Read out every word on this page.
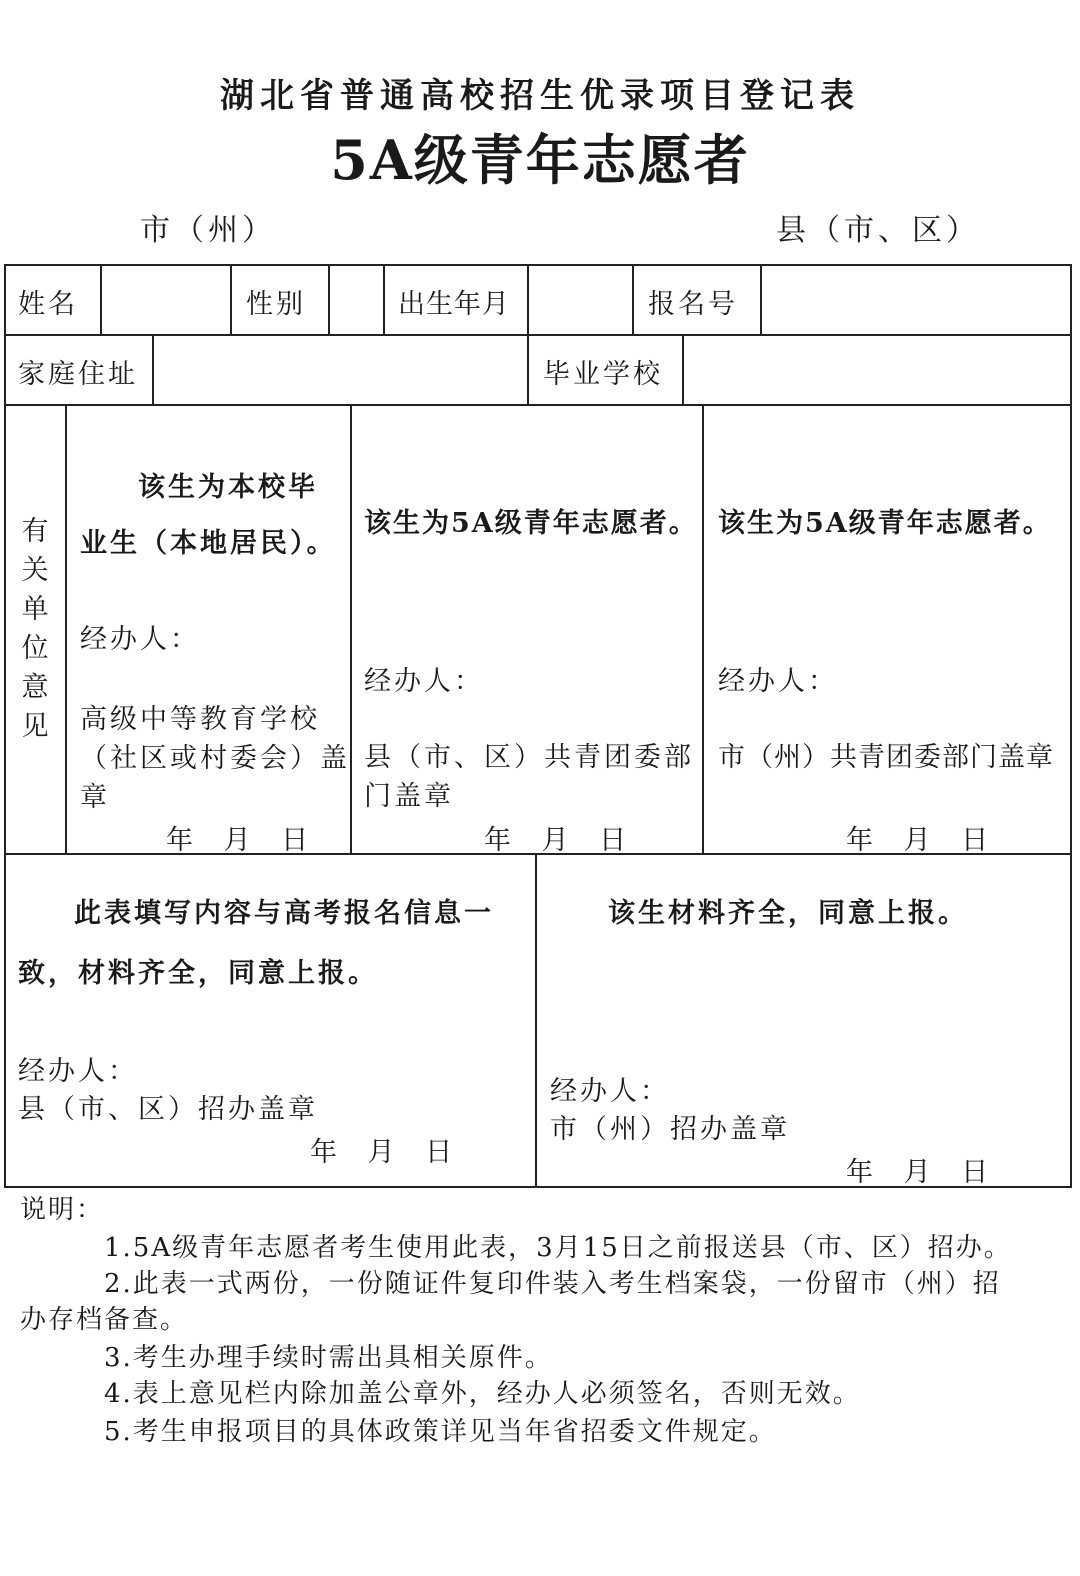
湖北省普通高校招生优录项目登记表
5A级青年志愿者
市（州）	县（市、区）
姓名	性别	出生年月	报名号
家庭住址	毕业学校
有关单位意见
该生为本校毕
业生（本地居民）。
经办人：
高级中等教育学校
（社区或村委会）盖
章
年 月 日
该生为5A级青年志愿者。
经办人：
县（市、区）共青团委部
门盖章
年 月 日
该生为5A级青年志愿者。
经办人：
市（州）共青团委部门盖章
年 月 日
此表填写内容与高考报名信息一
致，材料齐全，同意上报。
经办人：
县（市、区）招办盖章
年 月 日
该生材料齐全，同意上报。
经办人：
市（州）招办盖章
年 月 日
说明：
1.5A级青年志愿者考生使用此表，3月15日之前报送县（市、区）招办。
2.此表一式两份，一份随证件复印件装入考生档案袋，一份留市（州）招
办存档备查。
3.考生办理手续时需出具相关原件。
4.表上意见栏内除加盖公章外，经办人必须签名，否则无效。
5.考生申报项目的具体政策详见当年省招委文件规定。
